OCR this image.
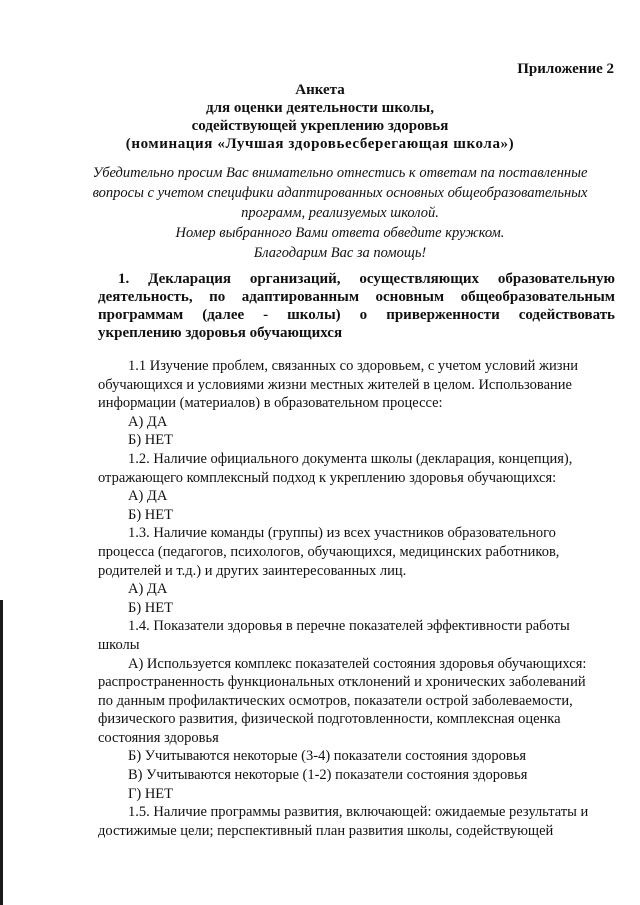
Приложение 2
Анкета
для оценки деятельности школы,
содействующей укреплению здоровья
(номинация «Лучшая здоровьесберегающая школа»)
Убедительно просим Вас внимательно отнестись к ответам па поставленные
вопросы с учетом специфики адаптированных основных общеобразовательных
программ, реализуемых школой.
Номер выбранного Вами ответа обведите кружком.
Благодарим Вас за помощь!
1. Декларация организаций, осуществляющих образовательную
деятельность, по адаптированным основным общеобразовательным
программам (далее - школы) о приверженности содействовать
укреплению здоровья обучающихся
1.1 Изучение проблем, связанных со здоровьем, с учетом условий жизни
обучающихся и условиями жизни местных жителей в целом. Использование
информации (материалов) в образовательном процессе:
А) ДА
Б) НЕТ
1.2. Наличие официального документа школы (декларация, концепция),
отражающего комплексный подход к укреплению здоровья обучающихся:
А) ДА
Б) НЕТ
1.3. Наличие команды (группы) из всех участников образовательного
процесса (педагогов, психологов, обучающихся, медицинских работников,
родителей и т.д.) и других заинтересованных лиц.
А) ДА
Б) НЕТ
1.4. Показатели здоровья в перечне показателей эффективности работы
школы
А) Используется комплекс показателей состояния здоровья обучающихся:
распространенность функциональных отклонений и хронических заболеваний
по данным профилактических осмотров, показатели острой заболеваемости,
физического развития, физической подготовленности, комплексная оценка
состояния здоровья
Б) Учитываются некоторые (3-4) показатели состояния здоровья
В) Учитываются некоторые (1-2) показатели состояния здоровья
Г) НЕТ
1.5. Наличие программы развития, включающей: ожидаемые результаты и
достижимые цели; перспективный план развития школы, содействующей
